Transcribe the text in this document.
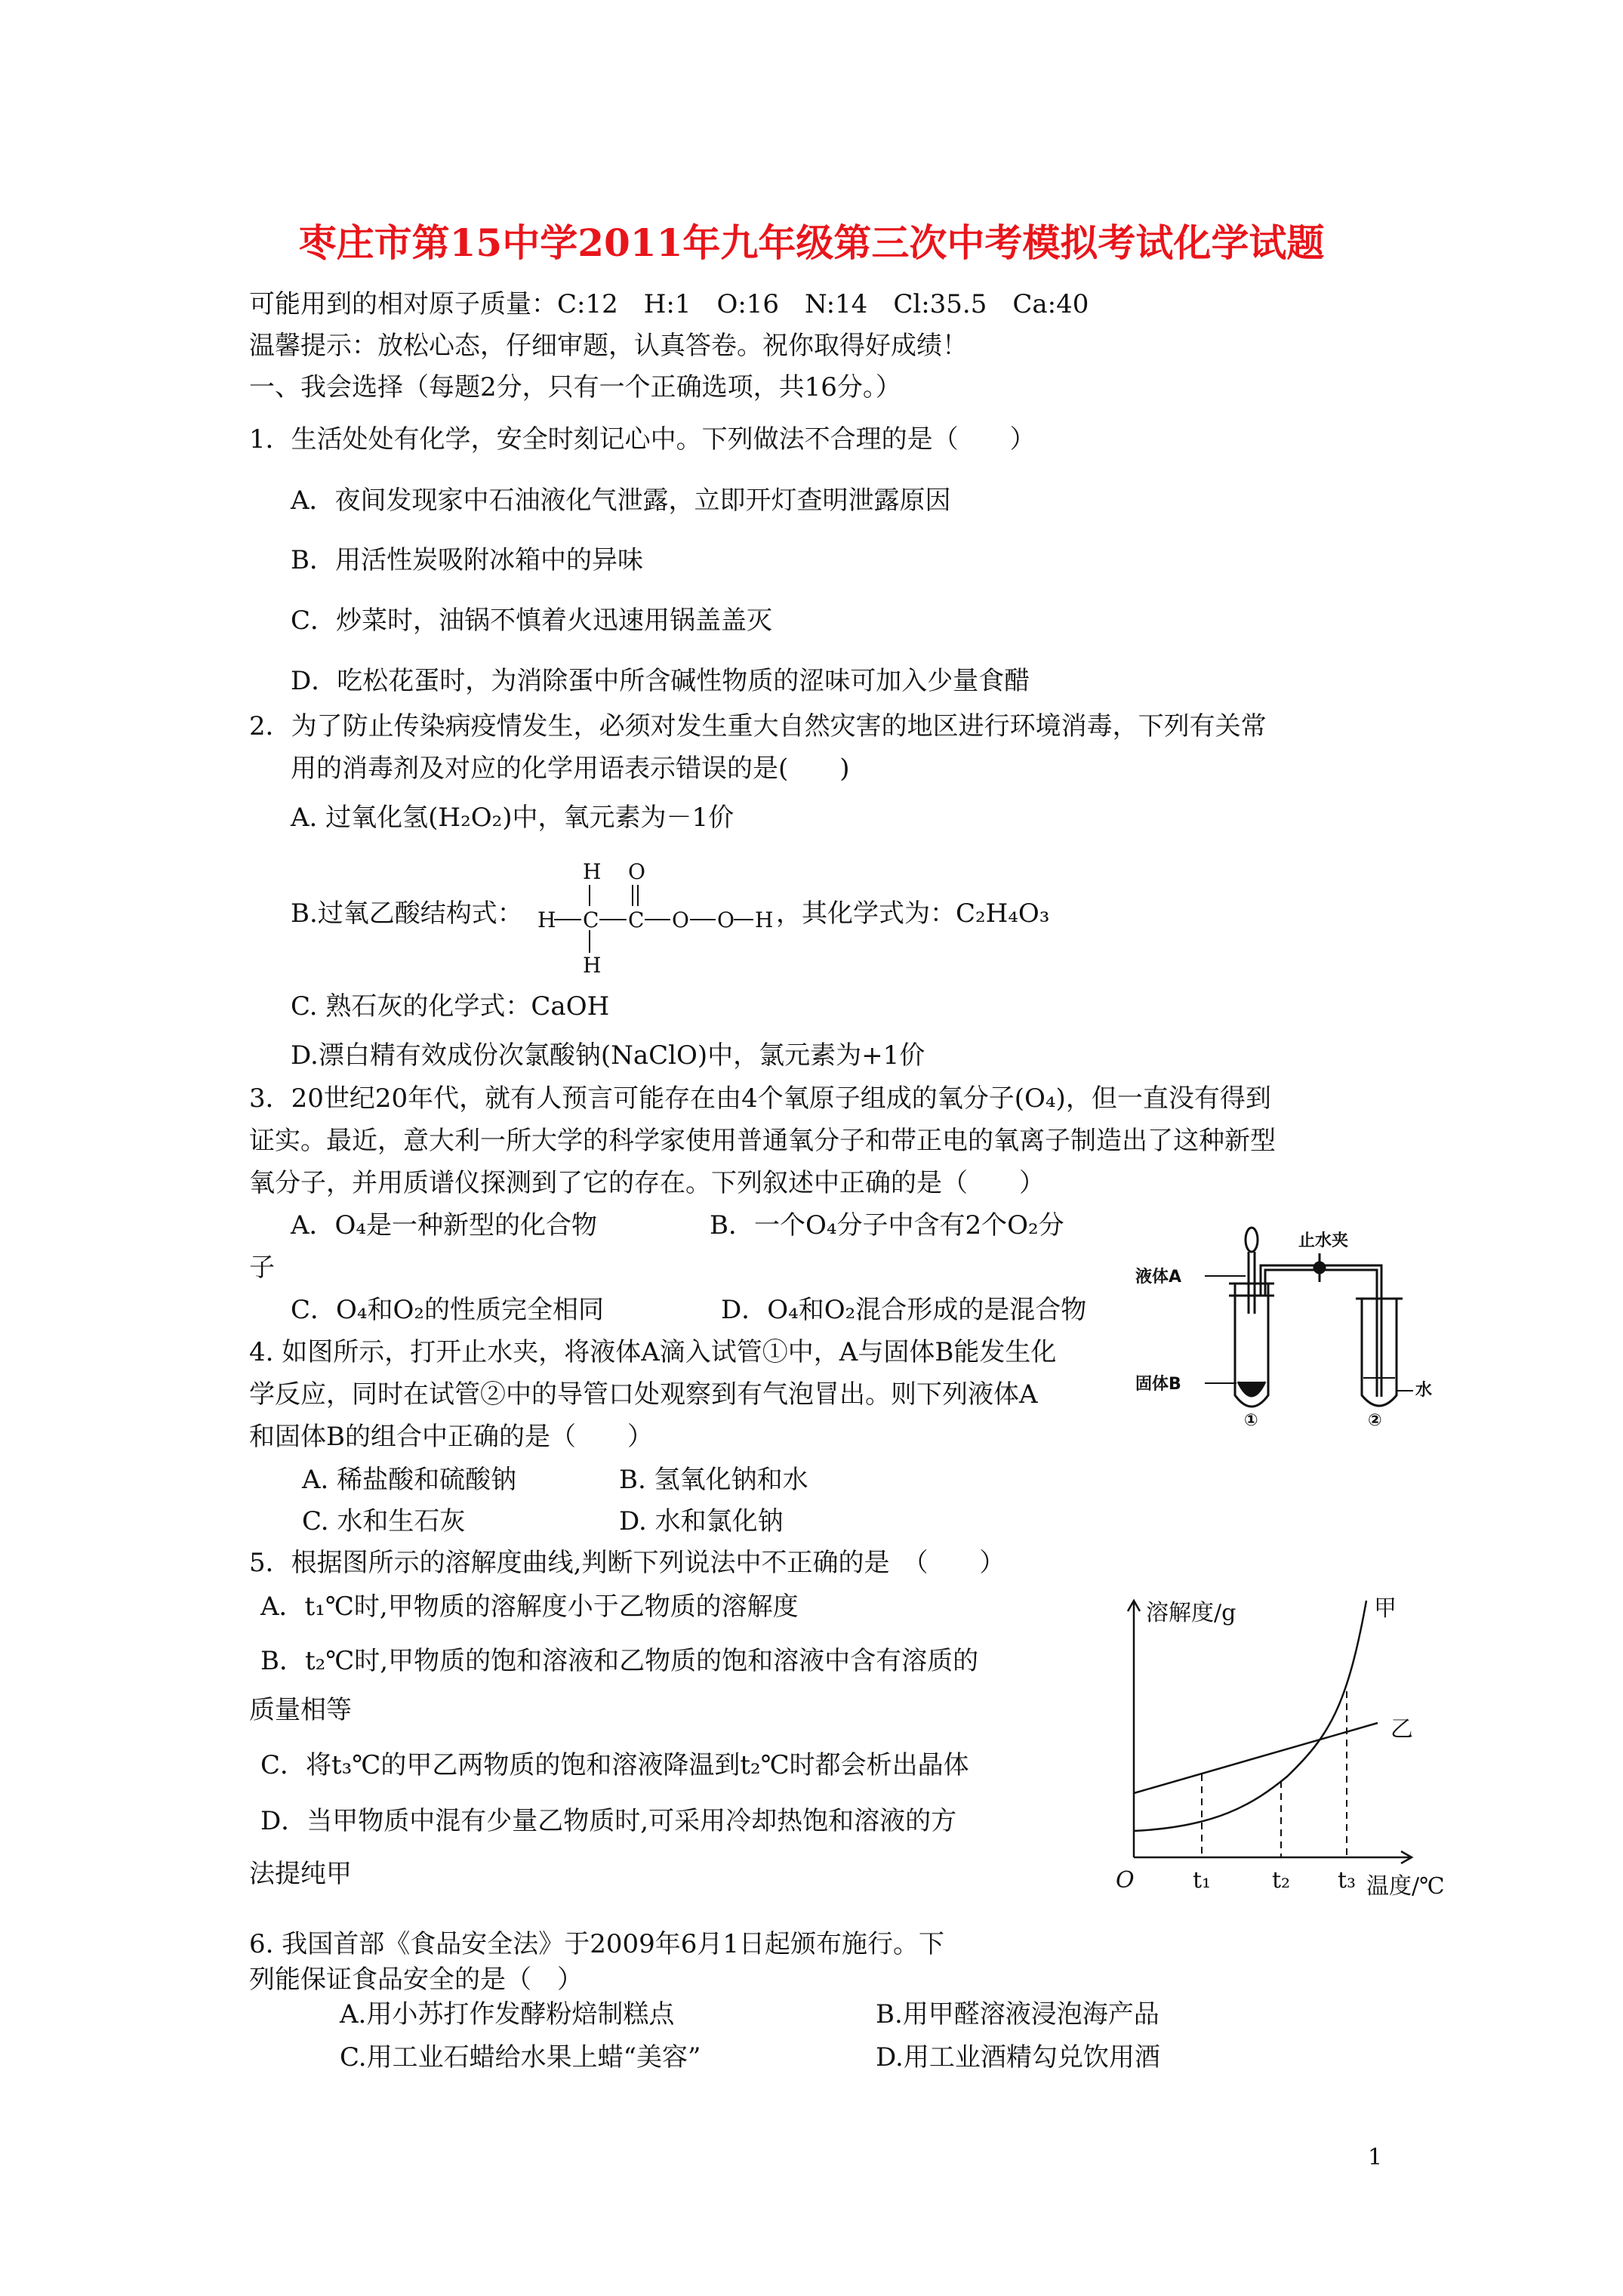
枣庄市第15中学2011年九年级第三次中考模拟考试化学试题
可能用到的相对原子质量：C:12　H:1　O:16　N:14　Cl:35.5　Ca:40
温馨提示：放松心态，仔细审题，认真答卷。祝你取得好成绩！
一、我会选择（每题2分，只有一个正确选项，共16分。）
1．生活处处有化学，安全时刻记心中。下列做法不合理的是（　　）
A．夜间发现家中石油液化气泄露，立即开灯查明泄露原因
B．用活性炭吸附冰箱中的异味
C．炒菜时，油锅不慎着火迅速用锅盖盖灭
D．吃松花蛋时，为消除蛋中所含碱性物质的涩味可加入少量食醋
2．为了防止传染病疫情发生，必须对发生重大自然灾害的地区进行环境消毒，下列有关常
用的消毒剂及对应的化学用语表示错误的是(　　)
A. 过氧化氢(H₂O₂)中，氧元素为－1价
B.过氧乙酸结构式：
H O
H C C O O H
H
，其化学式为：C₂H₄O₃
C. 熟石灰的化学式：CaOH
D.漂白精有效成份次氯酸钠(NaClO)中，氯元素为+1价
3．20世纪20年代，就有人预言可能存在由4个氧原子组成的氧分子(O₄)，但一直没有得到
证实。最近，意大利一所大学的科学家使用普通氧分子和带正电的氧离子制造出了这种新型
氧分子，并用质谱仪探测到了它的存在。下列叙述中正确的是（　　）
A．O₄是一种新型的化合物	B．一个O₄分子中含有2个O₂分
子
C．O₄和O₂的性质完全相同	D．O₄和O₂混合形成的是混合物
4. 如图所示，打开止水夹，将液体A滴入试管①中，A与固体B能发生化
学反应，同时在试管②中的导管口处观察到有气泡冒出。则下列液体A
和固体B的组合中正确的是（　　）
A. 稀盐酸和硫酸钠	B. 氢氧化钠和水
C. 水和生石灰	D. 水和氯化钠
止水夹
液体A
固体B	水
①	②
5．根据图所示的溶解度曲线,判断下列说法中不正确的是　（　　）
A．t₁℃时,甲物质的溶解度小于乙物质的溶解度
B．t₂℃时,甲物质的饱和溶液和乙物质的饱和溶液中含有溶质的
质量相等
C．将t₃℃的甲乙两物质的饱和溶液降温到t₂℃时都会析出晶体
D．当甲物质中混有少量乙物质时,可采用冷却热饱和溶液的方
法提纯甲
溶解度/g	甲
乙
O	t₁	t₂ t₃ 温度/℃
6. 我国首部《食品安全法》于2009年6月1日起颁布施行。下
列能保证食品安全的是（　）
A.用小苏打作发酵粉焙制糕点	B.用甲醛溶液浸泡海产品
C.用工业石蜡给水果上蜡“美容”	D.用工业酒精勾兑饮用酒
1
